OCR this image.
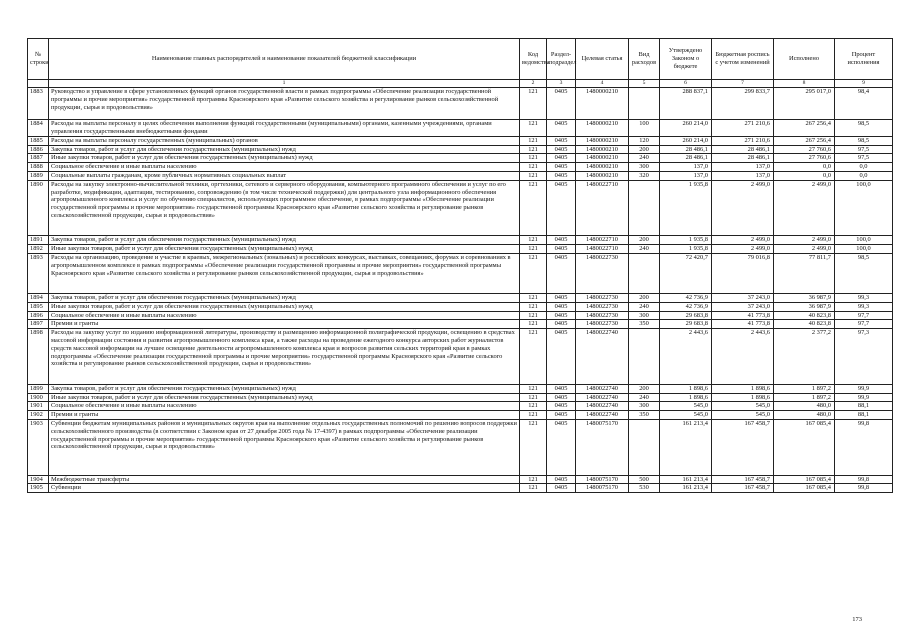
№ строки	Наименование главных распорядителей и наименование показателей бюджетной классификации	Код ведомства	Раздел-подраздел	Целевая статья	Вид расходов	Утверждено Законом о бюджете	Бюджетная роспись с учетом изменений	Исполнено	Процент исполнения
	1	2	3	4	5	6	7	8	9
1883	Руководство и управление в сфере установленных функций органов государственной власти в рамках подпрограммы «Обеспечение реализации государственной программы и прочие мероприятия» государственной программы Красноярского края «Развитие сельского хозяйства и регулирование рынков сельскохозяйственной продукции, сырья и продовольствия»	121	0405	1480000210		288 837,1	299 833,7	295 017,0	98,4
1884	Расходы на выплаты персоналу в целях обеспечения выполнения функций государственными (муниципальными) органами, казенными учреждениями, органами управления государственными внебюджетными фондами	121	0405	1480000210	100	260 214,0	271 210,6	267 256,4	98,5
1885	Расходы на выплаты персоналу государственных (муниципальных) органов	121	0405	1480000210	120	260 214,0	271 210,6	267 256,4	98,5
1886	Закупка товаров, работ и услуг для обеспечения государственных (муниципальных) нужд	121	0405	1480000210	200	28 486,1	28 486,1	27 760,6	97,5
1887	Иные закупки товаров, работ и услуг для обеспечения государственных (муниципальных) нужд	121	0405	1480000210	240	28 486,1	28 486,1	27 760,6	97,5
1888	Социальное обеспечение и иные выплаты населению	121	0405	1480000210	300	137,0	137,0	0,0	0,0
1889	Социальные выплаты гражданам, кроме публичных нормативных социальных выплат	121	0405	1480000210	320	137,0	137,0	0,0	0,0
1890	Расходы на закупку электронно-вычислительной техники, оргтехники, сетевого и серверного оборудования, компьютерного программного обеспечения и услуг по его разработке, модификации, адаптации, тестированию, сопровождению (в том числе технической поддержки) для центрального узла информационного обеспечения агропромышленного комплекса и услуг по обучению специалистов, использующих программное обеспечение, в рамках подпрограммы «Обеспечение реализации государственной программы и прочие мероприятия» государственной программы Красноярского края «Развитие сельского хозяйства и регулирование рынков сельскохозяйственной продукции, сырья и продовольствия»	121	0405	1480022710		1 935,8	2 499,0	2 499,0	100,0
1891	Закупка товаров, работ и услуг для обеспечения государственных (муниципальных) нужд	121	0405	1480022710	200	1 935,8	2 499,0	2 499,0	100,0
1892	Иные закупки товаров, работ и услуг для обеспечения государственных (муниципальных) нужд	121	0405	1480022710	240	1 935,8	2 499,0	2 499,0	100,0
1893	Расходы на организацию, проведение и участие в краевых, межрегиональных (зональных) и российских конкурсах, выставках, совещаниях, форумах и соревнованиях в агропромышленном комплексе в рамках подпрограммы «Обеспечение реализации государственной программы и прочие мероприятия» государственной программы Красноярского края «Развитие сельского хозяйства и регулирование рынков сельскохозяйственной продукции, сырья и продовольствия»	121	0405	1480022730		72 420,7	79 016,8	77 811,7	98,5
1894	Закупка товаров, работ и услуг для обеспечения государственных (муниципальных) нужд	121	0405	1480022730	200	42 736,9	37 243,0	36 987,9	99,3
1895	Иные закупки товаров, работ и услуг для обеспечения государственных (муниципальных) нужд	121	0405	1480022730	240	42 736,9	37 243,0	36 987,9	99,3
1896	Социальное обеспечение и иные выплаты населению	121	0405	1480022730	300	29 683,8	41 773,8	40 823,8	97,7
1897	Премии и гранты	121	0405	1480022730	350	29 683,8	41 773,8	40 823,8	97,7
1898	Расходы на закупку услуг по изданию информационной литературы, производству и размещению информационной полиграфической продукции, освещению в средствах массовой информации состояния и развития агропромышленного комплекса края, а также расходы на проведение ежегодного конкурса авторских работ журналистов средств массовой информации на лучшее освещение деятельности агропромышленного комплекса края и вопросов развития сельских территорий края в рамках подпрограммы «Обеспечение реализации государственной программы и прочие мероприятия» государственной программы Красноярского края «Развитие сельского хозяйства и регулирование рынков сельскохозяйственной продукции, сырья и продовольствия»	121	0405	1480022740		2 443,6	2 443,6	2 377,2	97,3
1899	Закупка товаров, работ и услуг для обеспечения государственных (муниципальных) нужд	121	0405	1480022740	200	1 898,6	1 898,6	1 897,2	99,9
1900	Иные закупки товаров, работ и услуг для обеспечения государственных (муниципальных) нужд	121	0405	1480022740	240	1 898,6	1 898,6	1 897,2	99,9
1901	Социальное обеспечение и иные выплаты населению	121	0405	1480022740	300	545,0	545,0	480,0	88,1
1902	Премии и гранты	121	0405	1480022740	350	545,0	545,0	480,0	88,1
1903	Субвенции бюджетам муниципальных районов и муниципальных округов края на выполнение отдельных государственных полномочий по решению вопросов поддержки сельскохозяйственного производства (в соответствии с Законом края от 27 декабря 2005 года № 17-4397) в рамках подпрограммы «Обеспечение реализации государственной программы и прочие мероприятия» государственной программы Красноярского края «Развитие сельского хозяйства и регулирование рынков сельскохозяйственной продукции, сырья и продовольствия»	121	0405	1480075170		161 213,4	167 458,7	167 085,4	99,8
1904	Межбюджетные трансферты	121	0405	1480075170	500	161 213,4	167 458,7	167 085,4	99,8
1905	Субвенции	121	0405	1480075170	530	161 213,4	167 458,7	167 085,4	99,8
173
